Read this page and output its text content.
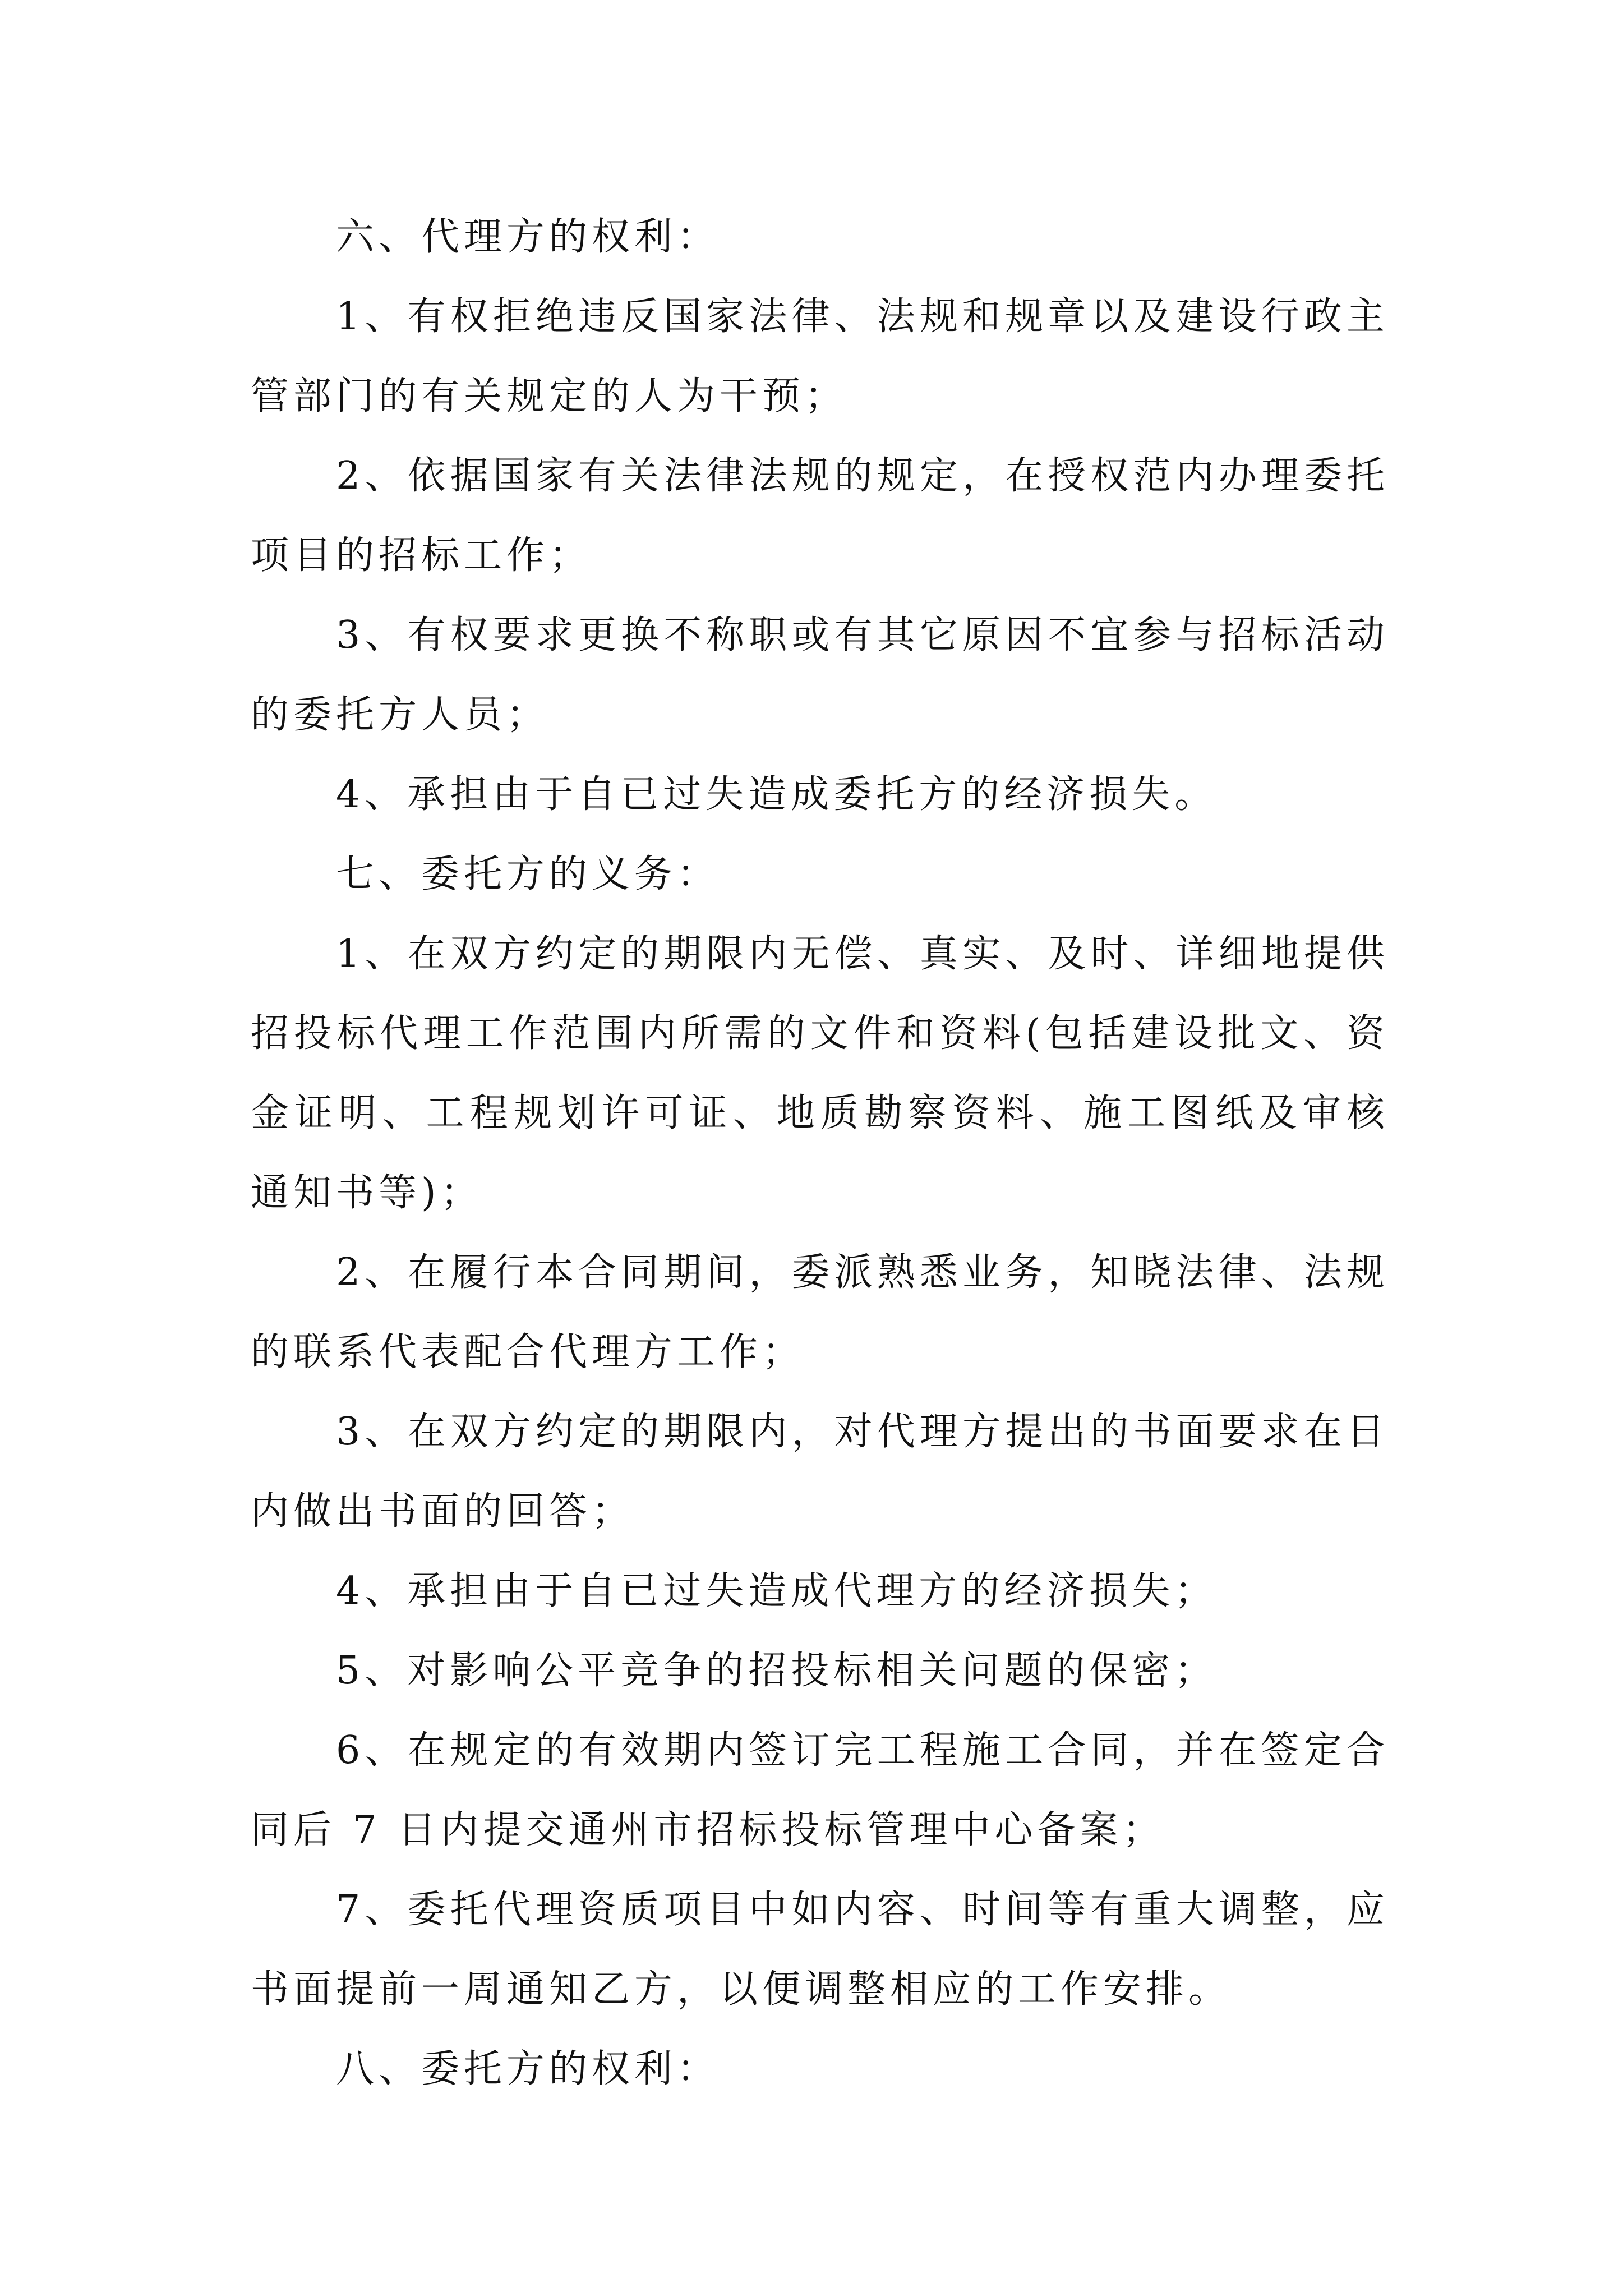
六、代理方的权利：

1、有权拒绝违反国家法律、法规和规章以及建设行政主管部门的有关规定的人为干预；

2、依据国家有关法律法规的规定，在授权范内办理委托项目的招标工作；

3、有权要求更换不称职或有其它原因不宜参与招标活动的委托方人员；

4、承担由于自已过失造成委托方的经济损失。

七、委托方的义务：

1、在双方约定的期限内无偿、真实、及时、详细地提供招投标代理工作范围内所需的文件和资料(包括建设批文、资金证明、工程规划许可证、地质勘察资料、施工图纸及审核通知书等)；

2、在履行本合同期间，委派熟悉业务，知晓法律、法规的联系代表配合代理方工作；

3、在双方约定的期限内，对代理方提出的书面要求在日内做出书面的回答；

4、承担由于自已过失造成代理方的经济损失；

5、对影响公平竞争的招投标相关问题的保密；

6、在规定的有效期内签订完工程施工合同，并在签定合同后 7 日内提交通州市招标投标管理中心备案；

7、委托代理资质项目中如内容、时间等有重大调整，应书面提前一周通知乙方，以便调整相应的工作安排。

八、委托方的权利：
